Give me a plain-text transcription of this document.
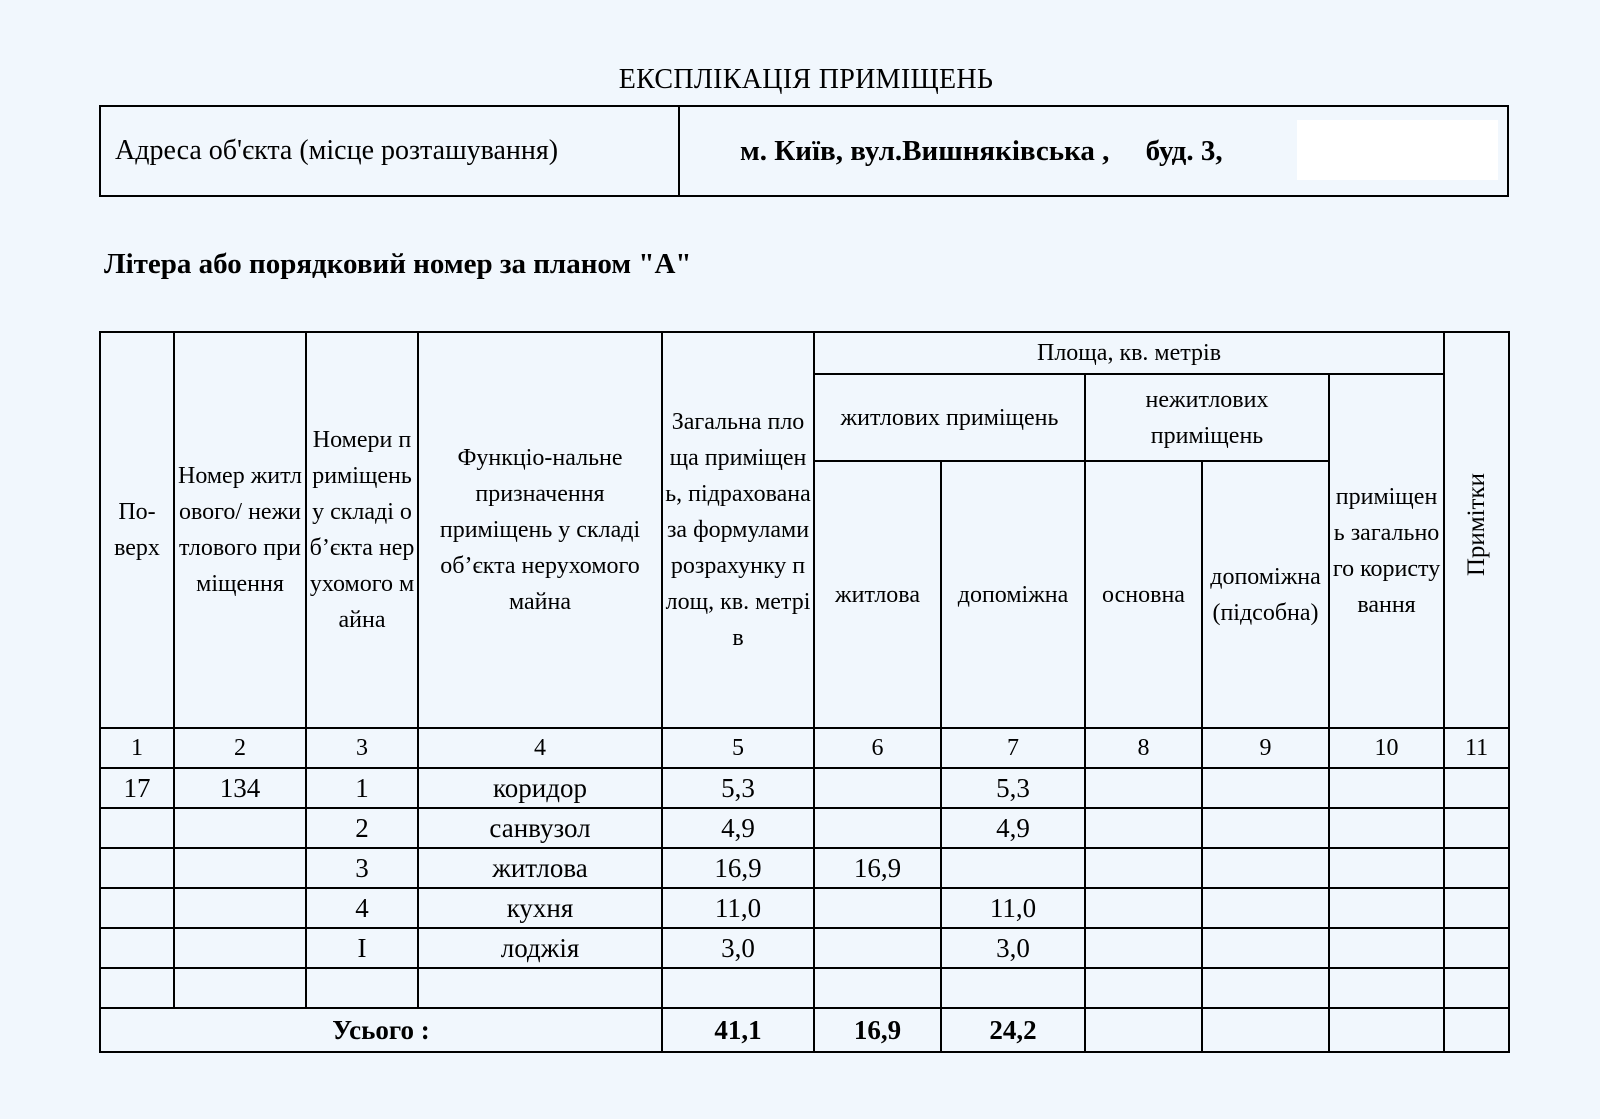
ЕКСПЛІКАЦІЯ ПРИМІЩЕНЬ
Адреса об'єкта (місце розташування)	м. Київ, вул.Вишняківська ,     буд. 3,
Літера або порядковий номер за планом "А"
По-верх	Номер житлового/ нежитлового приміщення	Номери приміщень у складі об’єкта нерухомого майна	Функціо-нальне призначення приміщень у складі об’єкта нерухомого майна	Загальна площа приміщень, підрахована за формулами розрахунку площ, кв. метрів	Площа, кв. метрів					Примітки
					житлових приміщень		нежитлових приміщень		приміщень загального користування	
					житлова	допоміжна	основна	допоміжна (підсобна)		
1	2	3	4	5	6	7	8	9	10	11
17	134	1	коридор	5,3		5,3				
		2	санвузол	4,9		4,9				
		3	житлова	16,9	16,9					
		4	кухня	11,0		11,0				
		I	лоджія	3,0		3,0				

Усього :				41,1	16,9	24,2				
